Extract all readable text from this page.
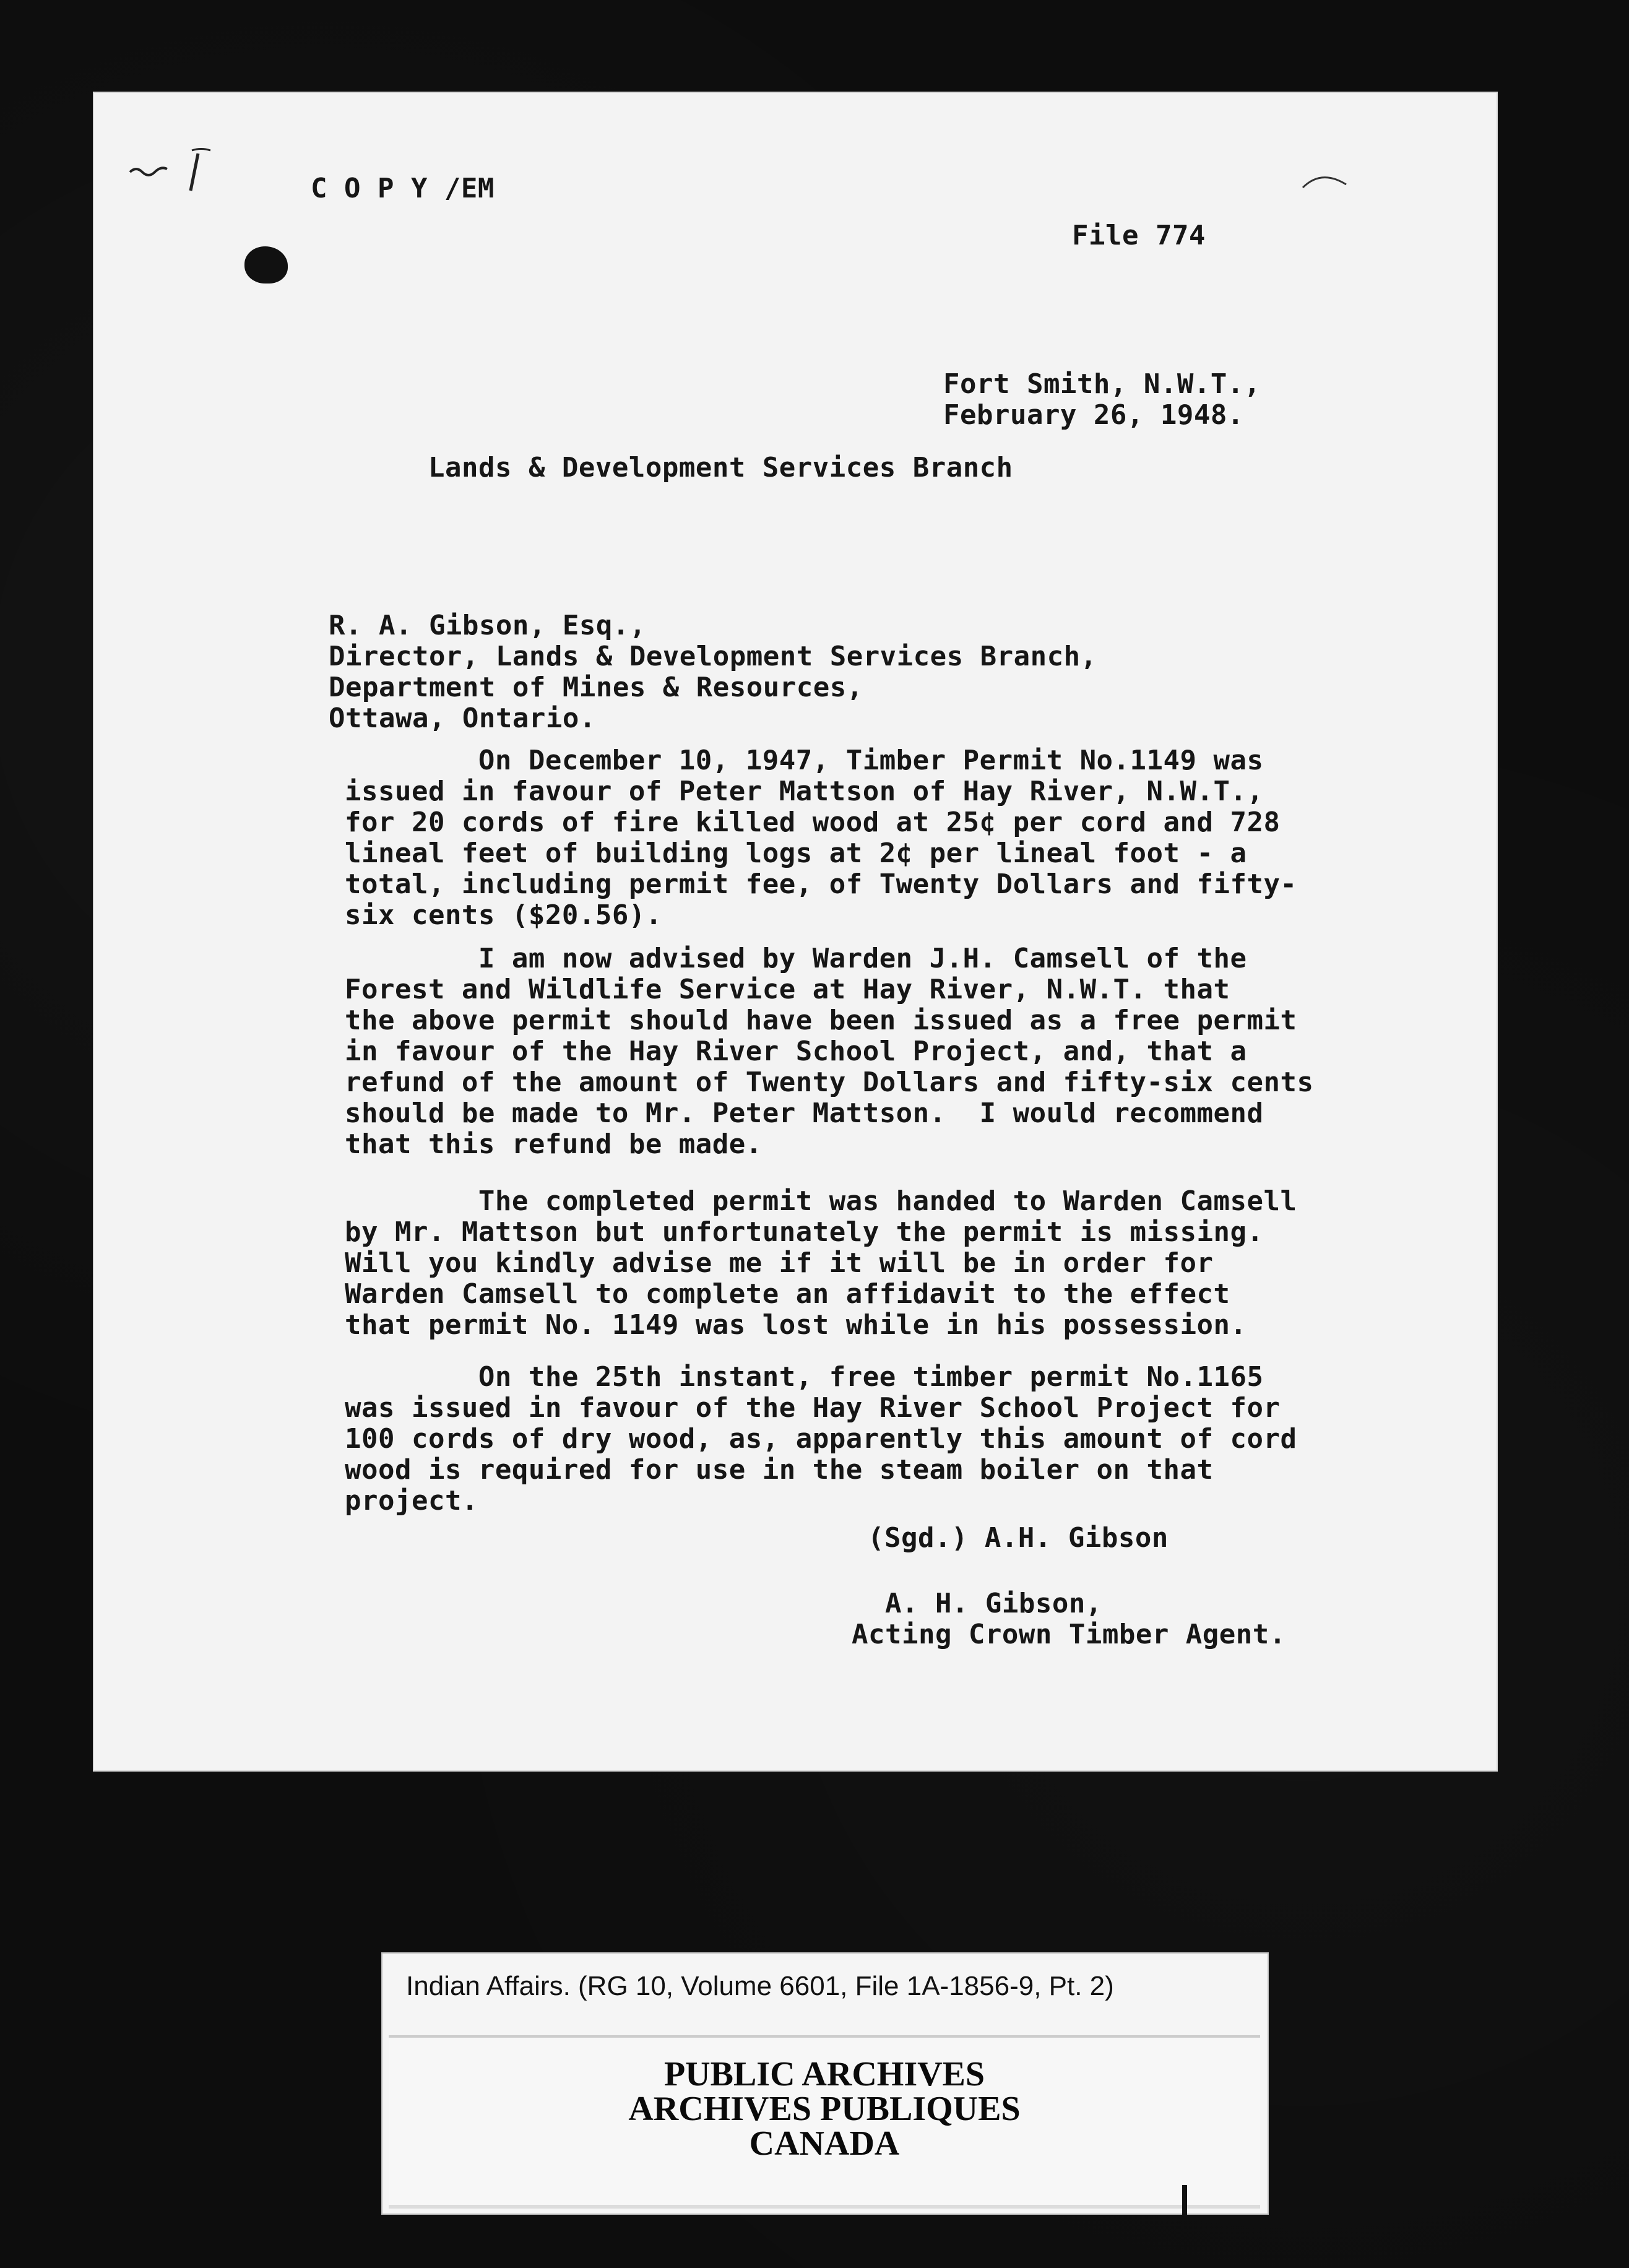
C O P Y /EM
File 774
Fort Smith, N.W.T.,
February 26, 1948.
Lands & Development Services Branch
R. A. Gibson, Esq.,
Director, Lands & Development Services Branch,
Department of Mines & Resources,
Ottawa, Ontario.
On December 10, 1947, Timber Permit No.1149 was
issued in favour of Peter Mattson of Hay River, N.W.T.,
for 20 cords of fire killed wood at 25¢ per cord and 728
lineal feet of building logs at 2¢ per lineal foot - a
total, including permit fee, of Twenty Dollars and fifty-
six cents ($20.56).
I am now advised by Warden J.H. Camsell of the
Forest and Wildlife Service at Hay River, N.W.T. that
the above permit should have been issued as a free permit
in favour of the Hay River School Project, and, that a
refund of the amount of Twenty Dollars and fifty-six cents
should be made to Mr. Peter Mattson.  I would recommend
that this refund be made.
The completed permit was handed to Warden Camsell
by Mr. Mattson but unfortunately the permit is missing.
Will you kindly advise me if it will be in order for
Warden Camsell to complete an affidavit to the effect
that permit No. 1149 was lost while in his possession.
On the 25th instant, free timber permit No.1165
was issued in favour of the Hay River School Project for
100 cords of dry wood, as, apparently this amount of cord
wood is required for use in the steam boiler on that
project.
(Sgd.) A.H. Gibson
A. H. Gibson,
Acting Crown Timber Agent.
Indian Affairs. (RG 10, Volume 6601, File 1A-1856-9, Pt. 2)
PUBLIC ARCHIVES
ARCHIVES PUBLIQUES
CANADA
